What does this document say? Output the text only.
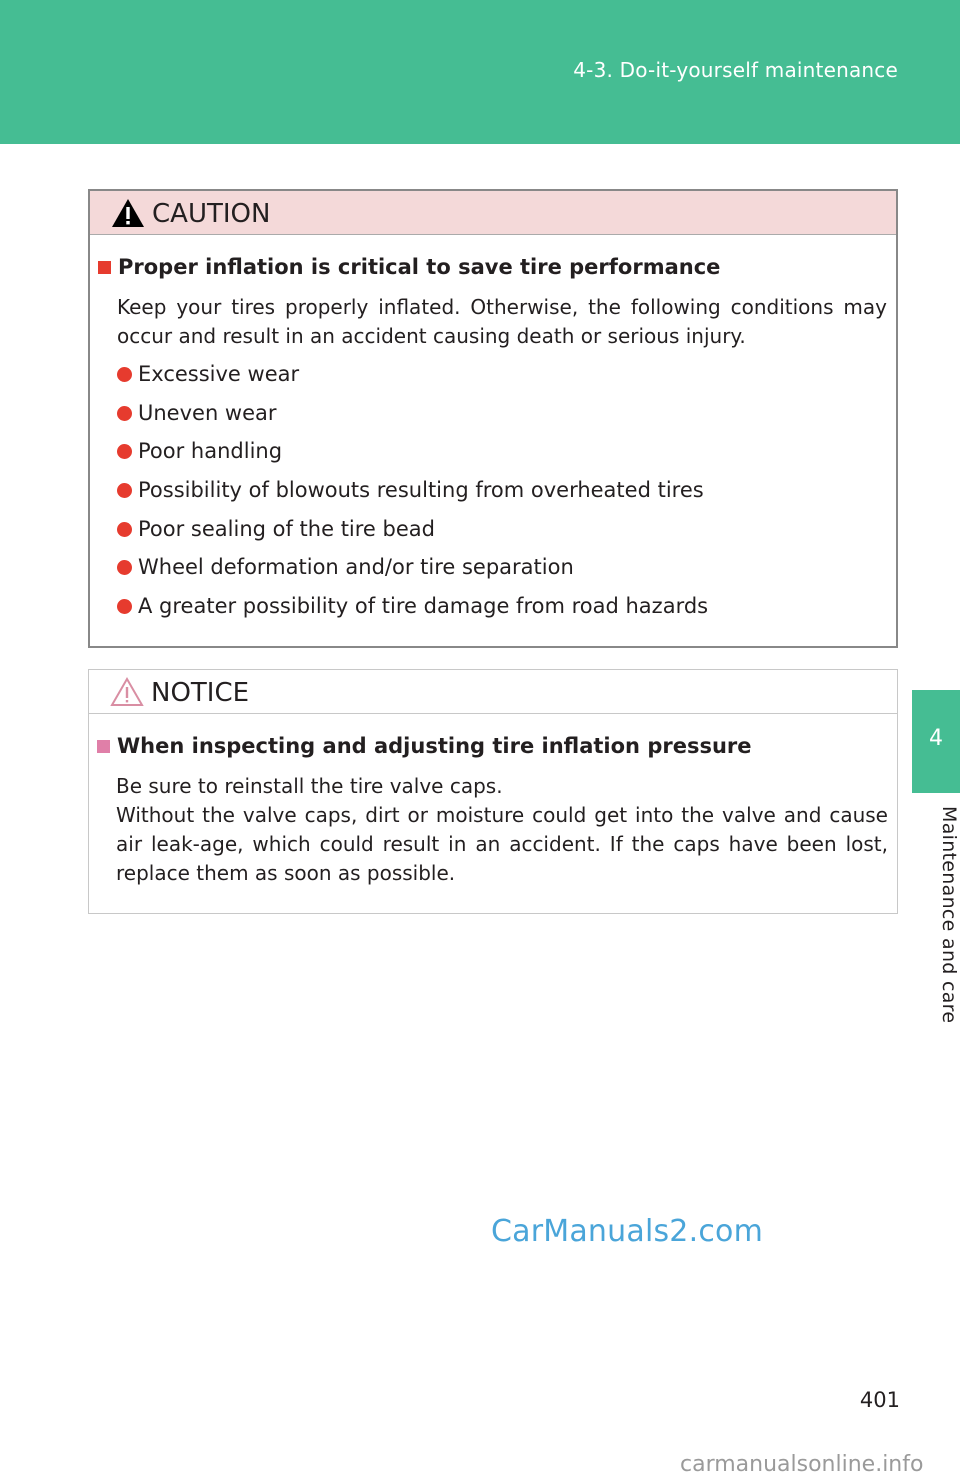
4-3. Do-it-yourself maintenance
4
Maintenance and care
CAUTION
Proper inflation is critical to save tire performance
Keep your tires properly inflated. Otherwise, the following conditions may occur and result in an accident causing death or serious injury.
Excessive wear
Uneven wear
Poor handling
Possibility of blowouts resulting from overheated tires
Poor sealing of the tire bead
Wheel deformation and/or tire separation
A greater possibility of tire damage from road hazards
NOTICE
When inspecting and adjusting tire inflation pressure
Be sure to reinstall the tire valve caps.
Without the valve caps, dirt or moisture could get into the valve and cause air leak-age, which could result in an accident. If the caps have been lost, replace them as soon as possible.
CarManuals2.com
401
carmanualsonline.info
